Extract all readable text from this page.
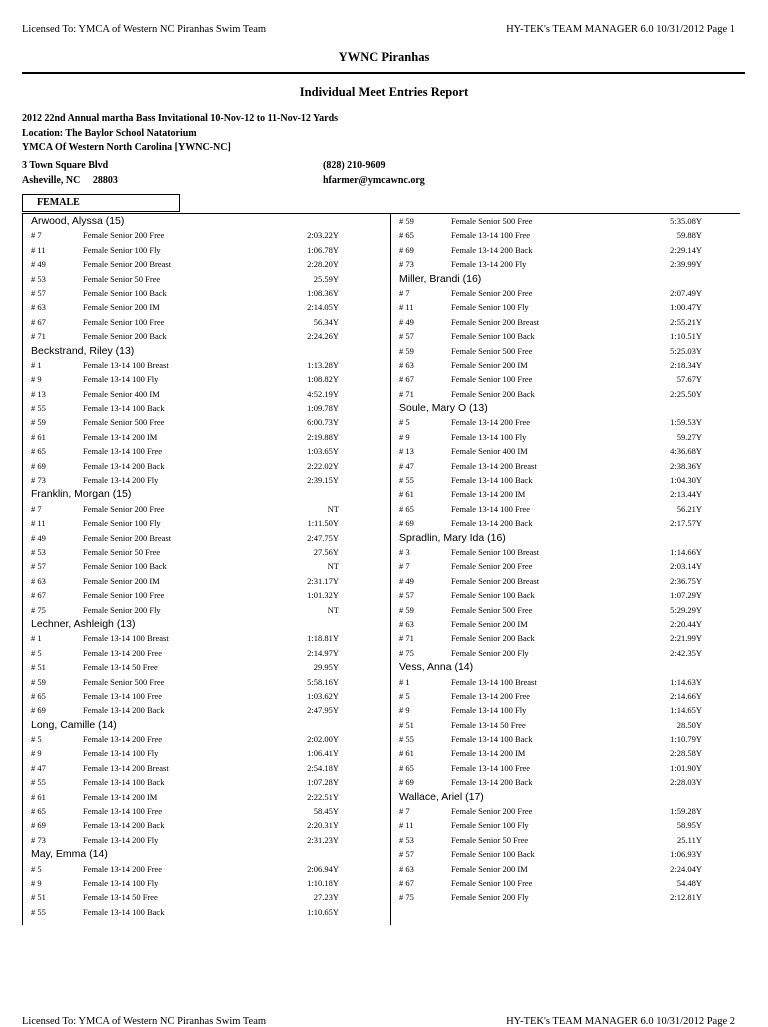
Licensed To: YMCA of Western NC Piranhas Swim Team	HY-TEK's TEAM MANAGER 6.0 10/31/2012 Page 1
YWNC Piranhas
Individual Meet Entries Report
2012 22nd Annual martha Bass Invitational 10-Nov-12 to 11-Nov-12 Yards
Location: The Baylor School Natatorium
YMCA Of Western North Carolina [YWNC-NC]
3 Town Square Blvd
Asheville, NC     28803
(828) 210-9609
hfarmer@ymcawnc.org
FEMALE
Arwood, Alyssa (15)
# 7	Female Senior 200 Free	2:03.22Y
# 11	Female Senior 100 Fly	1:06.78Y
# 49	Female Senior 200 Breast	2:28.20Y
# 53	Female Senior 50 Free	25.59Y
# 57	Female Senior 100 Back	1:08.36Y
# 63	Female Senior 200 IM	2:14.05Y
# 67	Female Senior 100 Free	56.34Y
# 71	Female Senior 200 Back	2:24.26Y
Beckstrand, Riley (13)
# 1	Female 13-14 100 Breast	1:13.28Y
# 9	Female 13-14 100 Fly	1:08.82Y
# 13	Female Senior 400 IM	4:52.19Y
# 55	Female 13-14 100 Back	1:09.78Y
# 59	Female Senior 500 Free	6:00.73Y
# 61	Female 13-14 200 IM	2:19.88Y
# 65	Female 13-14 100 Free	1:03.65Y
# 69	Female 13-14 200 Back	2:22.02Y
# 73	Female 13-14 200 Fly	2:39.15Y
Franklin, Morgan (15)
# 7	Female Senior 200 Free	NT
# 11	Female Senior 100 Fly	1:11.50Y
# 49	Female Senior 200 Breast	2:47.75Y
# 53	Female Senior 50 Free	27.56Y
# 57	Female Senior 100 Back	NT
# 63	Female Senior 200 IM	2:31.17Y
# 67	Female Senior 100 Free	1:01.32Y
# 75	Female Senior 200 Fly	NT
Lechner, Ashleigh (13)
# 1	Female 13-14 100 Breast	1:18.81Y
# 5	Female 13-14 200 Free	2:14.97Y
# 51	Female 13-14 50 Free	29.95Y
# 59	Female Senior 500 Free	5:58.16Y
# 65	Female 13-14 100 Free	1:03.62Y
# 69	Female 13-14 200 Back	2:47.95Y
Long, Camille (14)
# 5	Female 13-14 200 Free	2:02.00Y
# 9	Female 13-14 100 Fly	1:06.41Y
# 47	Female 13-14 200 Breast	2:54.18Y
# 55	Female 13-14 100 Back	1:07.28Y
# 61	Female 13-14 200 IM	2:22.51Y
# 65	Female 13-14 100 Free	58.45Y
# 69	Female 13-14 200 Back	2:20.31Y
# 73	Female 13-14 200 Fly	2:31.23Y
May, Emma (14)
# 5	Female 13-14 200 Free	2:06.94Y
# 9	Female 13-14 100 Fly	1:10.18Y
# 51	Female 13-14 50 Free	27.23Y
# 55	Female 13-14 100 Back	1:10.65Y
# 59	Female Senior 500 Free	5:35.08Y
# 65	Female 13-14 100 Free	59.88Y
# 69	Female 13-14 200 Back	2:29.14Y
# 73	Female 13-14 200 Fly	2:39.99Y
Miller, Brandi (16)
# 7	Female Senior 200 Free	2:07.49Y
# 11	Female Senior 100 Fly	1:00.47Y
# 49	Female Senior 200 Breast	2:55.21Y
# 57	Female Senior 100 Back	1:10.51Y
# 59	Female Senior 500 Free	5:25.03Y
# 63	Female Senior 200 IM	2:18.34Y
# 67	Female Senior 100 Free	57.67Y
# 71	Female Senior 200 Back	2:25.50Y
Soule, Mary O (13)
# 5	Female 13-14 200 Free	1:59.53Y
# 9	Female 13-14 100 Fly	59.27Y
# 13	Female Senior 400 IM	4:36.68Y
# 47	Female 13-14 200 Breast	2:38.36Y
# 55	Female 13-14 100 Back	1:04.30Y
# 61	Female 13-14 200 IM	2:13.44Y
# 65	Female 13-14 100 Free	56.21Y
# 69	Female 13-14 200 Back	2:17.57Y
Spradlin, Mary Ida (16)
# 3	Female Senior 100 Breast	1:14.66Y
# 7	Female Senior 200 Free	2:03.14Y
# 49	Female Senior 200 Breast	2:36.75Y
# 57	Female Senior 100 Back	1:07.29Y
# 59	Female Senior 500 Free	5:29.29Y
# 63	Female Senior 200 IM	2:20.44Y
# 71	Female Senior 200 Back	2:21.99Y
# 75	Female Senior 200 Fly	2:42.35Y
Vess, Anna (14)
# 1	Female 13-14 100 Breast	1:14.63Y
# 5	Female 13-14 200 Free	2:14.66Y
# 9	Female 13-14 100 Fly	1:14.65Y
# 51	Female 13-14 50 Free	28.50Y
# 55	Female 13-14 100 Back	1:10.79Y
# 61	Female 13-14 200 IM	2:28.58Y
# 65	Female 13-14 100 Free	1:01.90Y
# 69	Female 13-14 200 Back	2:28.03Y
Wallace, Ariel (17)
# 7	Female Senior 200 Free	1:59.28Y
# 11	Female Senior 100 Fly	58.95Y
# 53	Female Senior 50 Free	25.11Y
# 57	Female Senior 100 Back	1:06.93Y
# 63	Female Senior 200 IM	2:24.04Y
# 67	Female Senior 100 Free	54.48Y
# 75	Female Senior 200 Fly	2:12.81Y
Licensed To: YMCA of Western NC Piranhas Swim Team	HY-TEK's TEAM MANAGER 6.0 10/31/2012 Page 2
